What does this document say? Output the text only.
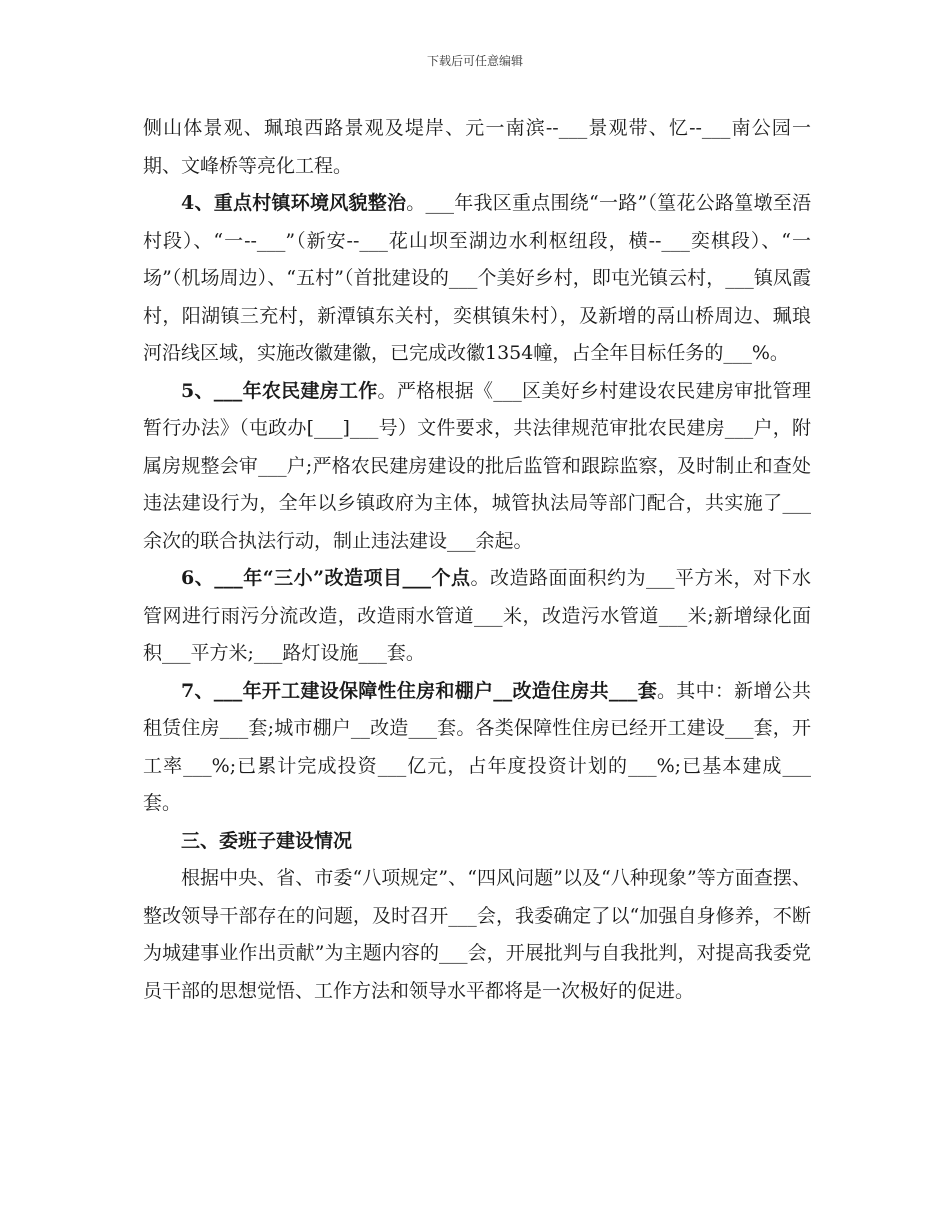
下载后可任意编辑

侧山体景观、珮琅西路景观及堤岸、元一南滨--___景观带、忆--___南公园一期、文峰桥等亮化工程。

4、重点村镇环境风貌整治。___年我区重点围绕“一路”（篁花公路篁墩至浯村段）、“一--___”（新安--___花山坝至湖边水利枢纽段，横--___奕棋段）、“一场”（机场周边）、“五村”（首批建设的___个美好乡村，即屯光镇云村，___镇凤霞村，阳湖镇三充村，新潭镇东关村，奕棋镇朱村），及新增的鬲山桥周边、珮琅河沿线区域，实施改徽建徽，已完成改徽1354幢，占全年目标任务的___%。

5、___年农民建房工作。严格根据《___区美好乡村建设农民建房审批管理暂行办法》（屯政办[___]___号）文件要求，共法律规范审批农民建房___户，附属房规整会审___户;严格农民建房建设的批后监管和跟踪监察，及时制止和查处违法建设行为，全年以乡镇政府为主体，城管执法局等部门配合，共实施了___余次的联合执法行动，制止违法建设___余起。

6、___年“三小”改造项目___个点。改造路面面积约为___平方米，对下水管网进行雨污分流改造，改造雨水管道___米，改造污水管道___米;新增绿化面积___平方米;___路灯设施___套。

7、___年开工建设保障性住房和棚户__改造住房共___套。其中：新增公共租赁住房___套;城市棚户__改造___套。各类保障性住房已经开工建设___套，开工率___%;已累计完成投资___亿元，占年度投资计划的___%;已基本建成___套。

三、委班子建设情况

根据中央、省、市委“八项规定”、“四风问题”以及“八种现象”等方面查摆、整改领导干部存在的问题，及时召开___会，我委确定了以“加强自身修养，不断为城建事业作出贡献”为主题内容的___会，开展批判与自我批判，对提高我委党员干部的思想觉悟、工作方法和领导水平都将是一次极好的促进。
